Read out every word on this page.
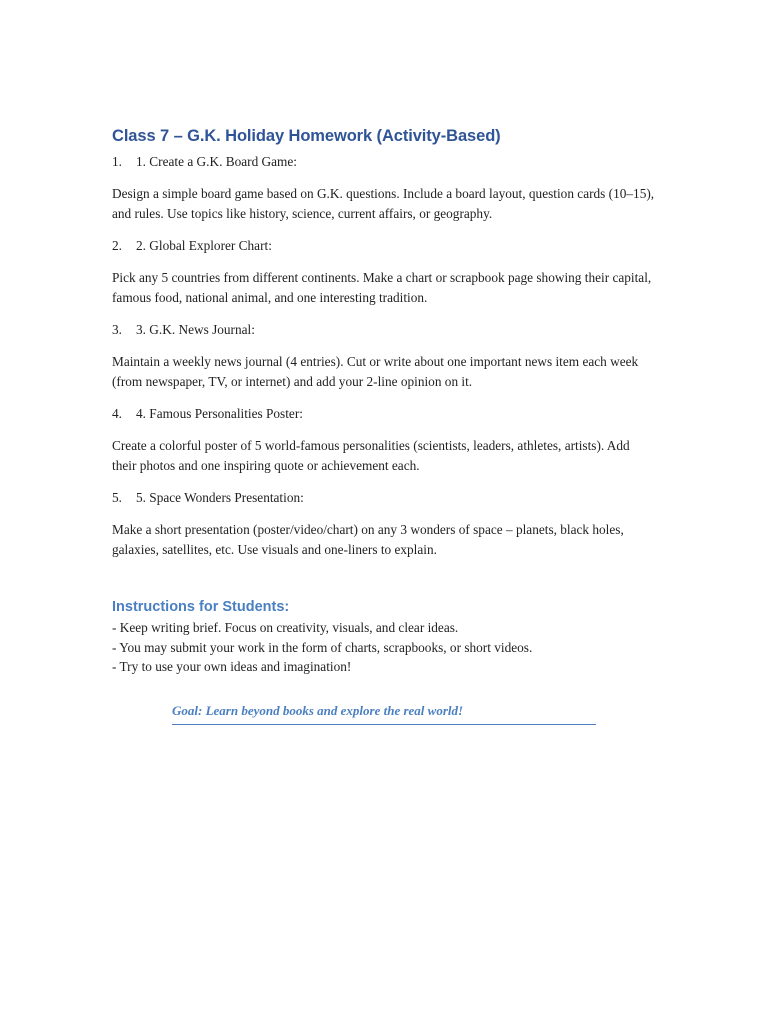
Class 7 – G.K. Holiday Homework (Activity-Based)

1.	1. Create a G.K. Board Game:

Design a simple board game based on G.K. questions. Include a board layout, question cards (10–15), and rules. Use topics like history, science, current affairs, or geography.

2.	2. Global Explorer Chart:

Pick any 5 countries from different continents. Make a chart or scrapbook page showing their capital, famous food, national animal, and one interesting tradition.

3.	3. G.K. News Journal:

Maintain a weekly news journal (4 entries). Cut or write about one important news item each week (from newspaper, TV, or internet) and add your 2-line opinion on it.

4.	4. Famous Personalities Poster:

Create a colorful poster of 5 world-famous personalities (scientists, leaders, athletes, artists). Add their photos and one inspiring quote or achievement each.

5.	5. Space Wonders Presentation:

Make a short presentation (poster/video/chart) on any 3 wonders of space – planets, black holes, galaxies, satellites, etc. Use visuals and one-liners to explain.

Instructions for Students:

- Keep writing brief. Focus on creativity, visuals, and clear ideas.

- You may submit your work in the form of charts, scrapbooks, or short videos.

- Try to use your own ideas and imagination!

Goal: Learn beyond books and explore the real world!
